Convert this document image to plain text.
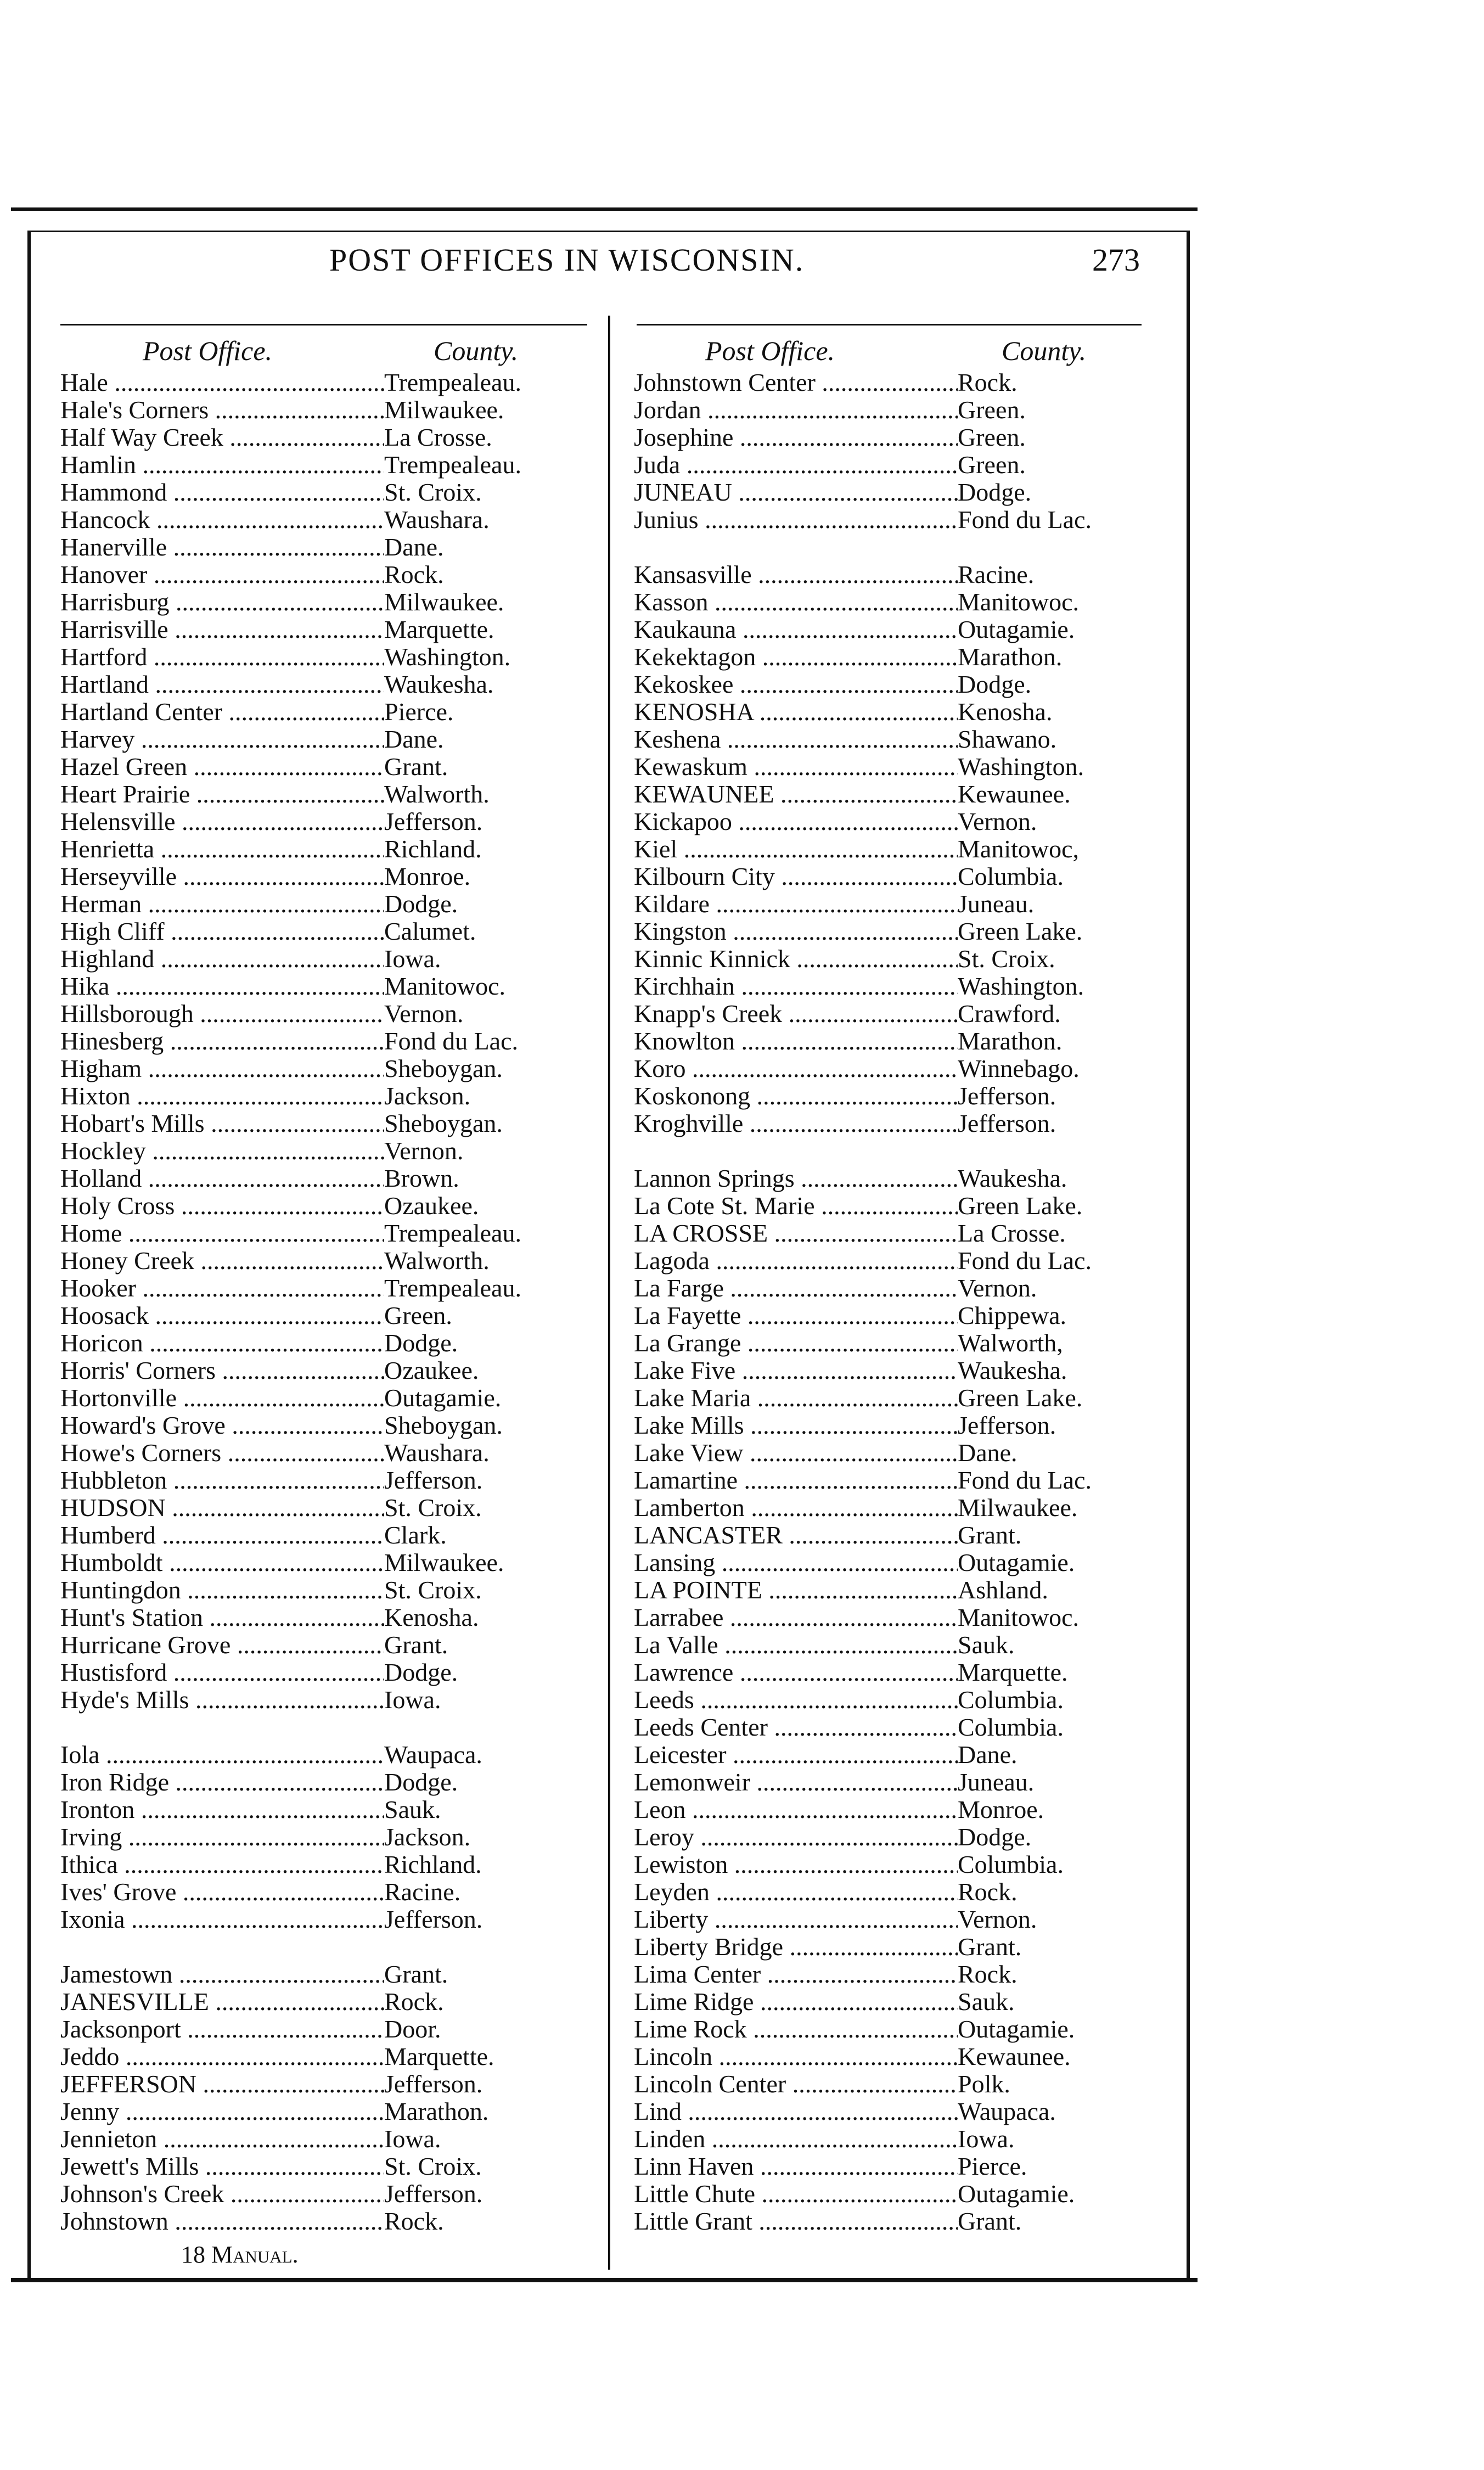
POST OFFICES IN WISCONSIN.	273
Post Office.	County.
Hale .....	Trempealeau.
Hale's Corners .....	Milwaukee.
Half Way Creek .....	La Crosse.
Hamlin .....	Trempealeau.
Hammond .....	St. Croix.
Hancock .....	Waushara.
Hanerville .....	Dane.
Hanover .....	Rock.
Harrisburg .....	Milwaukee.
Harrisville .....	Marquette.
Hartford .....	Washington.
Hartland .....	Waukesha.
Hartland Center .....	Pierce.
Harvey .....	Dane.
Hazel Green .....	Grant.
Heart Prairie .....	Walworth.
Helensville .....	Jefferson.
Henrietta .....	Richland.
Herseyville .....	Monroe.
Herman .....	Dodge.
High Cliff .....	Calumet.
Highland .....	Iowa.
Hika .....	Manitowoc.
Hillsborough .....	Vernon.
Hinesberg .....	Fond du Lac.
Higham .....	Sheboygan.
Hixton .....	Jackson.
Hobart's Mills .....	Sheboygan.
Hockley .....	Vernon.
Holland .....	Brown.
Holy Cross .....	Ozaukee.
Home .....	Trempealeau.
Honey Creek .....	Walworth.
Hooker .....	Trempealeau.
Hoosack .....	Green.
Horicon .....	Dodge.
Horris' Corners .....	Ozaukee.
Hortonville .....	Outagamie.
Howard's Grove .....	Sheboygan.
Howe's Corners .....	Waushara.
Hubbleton .....	Jefferson.
HUDSON .....	St. Croix.
Humberd .....	Clark.
Humboldt .....	Milwaukee.
Huntingdon .....	St. Croix.
Hunt's Station .....	Kenosha.
Hurricane Grove .....	Grant.
Hustisford .....	Dodge.
Hyde's Mills .....	Iowa.
Iola .....	Waupaca.
Iron Ridge .....	Dodge.
Ironton .....	Sauk.
Irving .....	Jackson.
Ithica .....	Richland.
Ives' Grove .....	Racine.
Ixonia .....	Jefferson.
Jamestown .....	Grant.
JANESVILLE .....	Rock.
Jacksonport .....	Door.
Jeddo .....	Marquette.
JEFFERSON .....	Jefferson.
Jenny .....	Marathon.
Jennieton .....	Iowa.
Jewett's Mills .....	St. Croix.
Johnson's Creek .....	Jefferson.
Johnstown .....	Rock.
Post Office.	County.
Johnstown Center .....	Rock.
Jordan .....	Green.
Josephine .....	Green.
Juda .....	Green.
JUNEAU .....	Dodge.
Junius .....	Fond du Lac.
Kansasville .....	Racine.
Kasson .....	Manitowoc.
Kaukauna .....	Outagamie.
Kekektagon .....	Marathon.
Kekoskee .....	Dodge.
KENOSHA .....	Kenosha.
Keshena .....	Shawano.
Kewaskum .....	Washington.
KEWAUNEE .....	Kewaunee.
Kickapoo .....	Vernon.
Kiel .....	Manitowoc,
Kilbourn City .....	Columbia.
Kildare .....	Juneau.
Kingston .....	Green Lake.
Kinnic Kinnick .....	St. Croix.
Kirchhain .....	Washington.
Knapp's Creek .....	Crawford.
Knowlton .....	Marathon.
Koro .....	Winnebago.
Koskonong .....	Jefferson.
Kroghville .....	Jefferson.
Lannon Springs .....	Waukesha.
La Cote St. Marie .....	Green Lake.
LA CROSSE .....	La Crosse.
Lagoda .....	Fond du Lac.
La Farge .....	Vernon.
La Fayette .....	Chippewa.
La Grange .....	Walworth,
Lake Five .....	Waukesha.
Lake Maria .....	Green Lake.
Lake Mills .....	Jefferson.
Lake View .....	Dane.
Lamartine .....	Fond du Lac.
Lamberton .....	Milwaukee.
LANCASTER .....	Grant.
Lansing .....	Outagamie.
LA POINTE .....	Ashland.
Larrabee .....	Manitowoc.
La Valle .....	Sauk.
Lawrence .....	Marquette.
Leeds .....	Columbia.
Leeds Center .....	Columbia.
Leicester .....	Dane.
Lemonweir .....	Juneau.
Leon .....	Monroe.
Leroy .....	Dodge.
Lewiston .....	Columbia.
Leyden .....	Rock.
Liberty .....	Vernon.
Liberty Bridge .....	Grant.
Lima Center .....	Rock.
Lime Ridge .....	Sauk.
Lime Rock .....	Outagamie.
Lincoln .....	Kewaunee.
Lincoln Center .....	Polk.
Lind .....	Waupaca.
Linden .....	Iowa.
Linn Haven .....	Pierce.
Little Chute .....	Outagamie.
Little Grant .....	Grant.
18 Manual.
